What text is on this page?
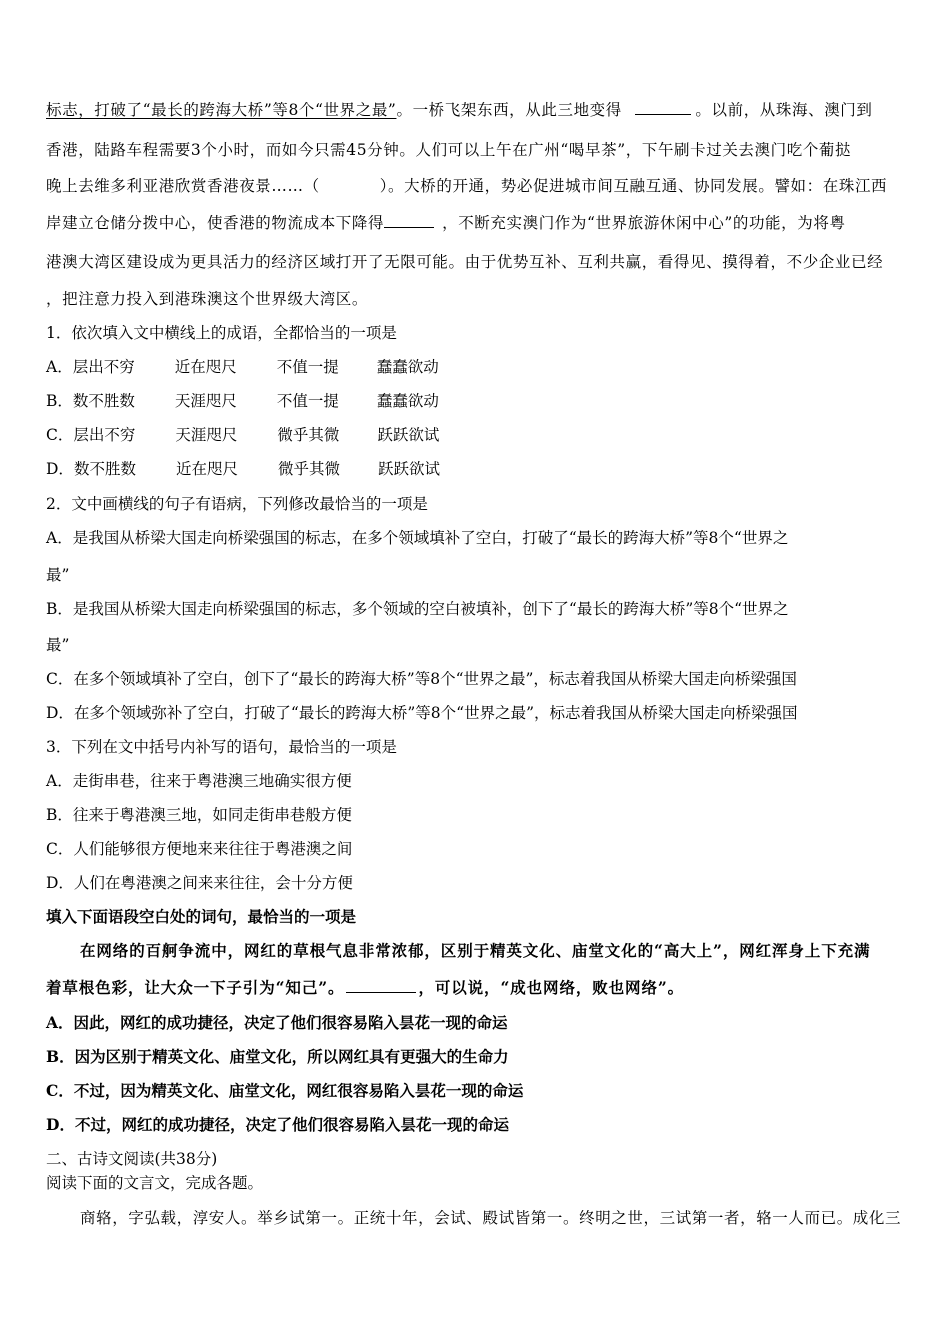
标志，打破了“最长的跨海大桥”等8个“世界之最”。一桥飞架东西，从此三地变得	。以前，从珠海、澳门到
香港，陆路车程需要3个小时，而如今只需45分钟。人们可以上午在广州“喝早茶”，下午刷卡过关去澳门吃个葡挞
晚上去维多利亚港欣赏香港夜景……（	）。大桥的开通，势必促进城市间互融互通、协同发展。譬如：在珠江西
岸建立仓储分拨中心，使香港的物流成本下降得	，不断充实澳门作为“世界旅游休闲中心”的功能，为将粤
港澳大湾区建设成为更具活力的经济区域打开了无限可能。由于优势互补、互利共赢，看得见、摸得着，不少企业已经
，把注意力投入到港珠澳这个世界级大湾区。
1．依次填入文中横线上的成语，全都恰当的一项是
A．层出不穷	近在咫尺	不值一提 蠢蠢欲动
B．数不胜数	天涯咫尺	不值一提 蠢蠢欲动
C．层出不穷	天涯咫尺	微乎其微 跃跃欲试
D．数不胜数	近在咫尺	微乎其微 跃跃欲试
2．文中画横线的句子有语病，下列修改最恰当的一项是
A．是我国从桥梁大国走向桥梁强国的标志，在多个领域填补了空白，打破了“最长的跨海大桥”等8个“世界之
最”
B．是我国从桥梁大国走向桥梁强国的标志，多个领域的空白被填补，创下了“最长的跨海大桥”等8个“世界之
最”
C．在多个领域填补了空白，创下了“最长的跨海大桥”等8个“世界之最”，标志着我国从桥梁大国走向桥梁强国
D．在多个领域弥补了空白，打破了“最长的跨海大桥”等8个“世界之最”，标志着我国从桥梁大国走向桥梁强国
3．下列在文中括号内补写的语句，最恰当的一项是
A．走街串巷，往来于粤港澳三地确实很方便
B．往来于粤港澳三地，如同走街串巷般方便
C．人们能够很方便地来来往往于粤港澳之间
D．人们在粤港澳之间来来往往，会十分方便
填入下面语段空白处的词句，最恰当的一项是
在网络的百舸争流中，网红的草根气息非常浓郁，区别于精英文化、庙堂文化的“高大上”，网红浑身上下充满
着草根色彩，让大众一下子引为“知己”。	，可以说，“成也网络，败也网络”。
A．因此，网红的成功捷径，决定了他们很容易陷入昙花一现的命运
B．因为区别于精英文化、庙堂文化，所以网红具有更强大的生命力
C．不过，因为精英文化、庙堂文化，网红很容易陷入昙花一现的命运
D．不过，网红的成功捷径，决定了他们很容易陷入昙花一现的命运
二、古诗文阅读(共38分)
阅读下面的文言文，完成各题。
商辂，字弘载，淳安人。举乡试第一。正统十年，会试、殿试皆第一。终明之世，三试第一者，辂一人而已。成化三
